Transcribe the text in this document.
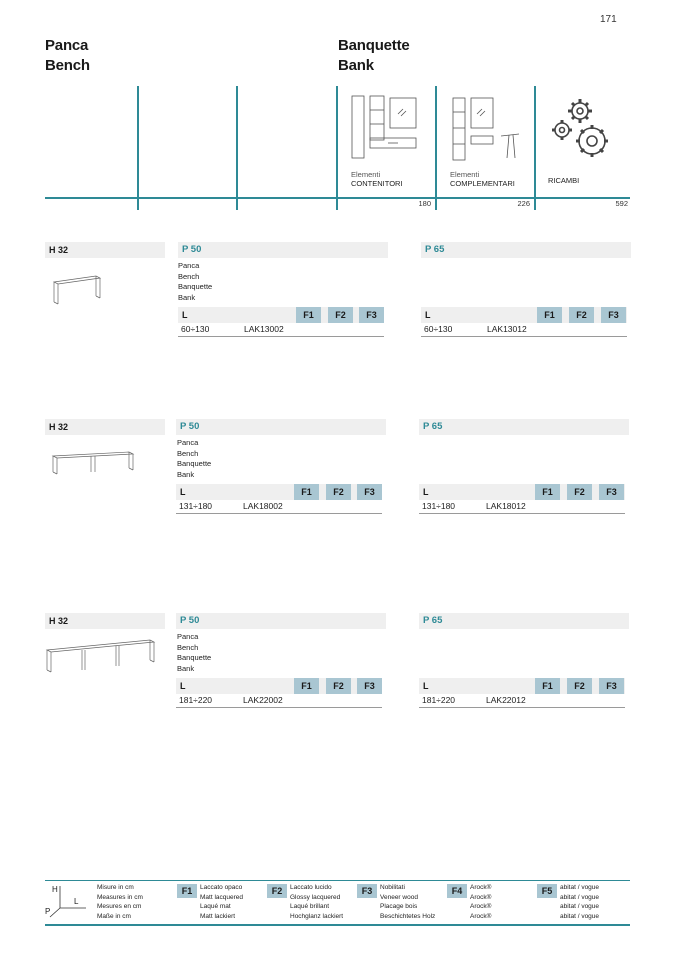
171
Panca
Bench
Banquette
Bank
Elementi
CONTENITORI
180
Elementi
COMPLEMENTARI
226
RICAMBI
592
H 32	P 50
Panca
Bench
Banquette
Bank
L	F1	F2	F3
60÷130	LAK13002
P 65
L	F1	F2	F3
60÷130	LAK13012
H 32	P 50
Panca
Bench
Banquette
Bank
L	F1	F2	F3
131÷180	LAK18002
P 65
L	F1	F2	F3
131÷180	LAK18012
H 32	P 50
Panca
Bench
Banquette
Bank
L	F1	F2	F3
181÷220	LAK22002
P 65
L	F1	F2	F3
181÷220	LAK22012
H
L
P
Misure in cm
Measures in cm
Mesures en cm
Maße in cm
F1	Laccato opaco
Matt lacquered
Laqué mat
Matt lackiert
F2	Laccato lucido
Glossy lacquered
Laqué brillant
Hochglanz lackiert
F3	Nobilitati
Veneer wood
Placage bois
Beschichtetes Holz
F4	Arock®
Arock®
Arock®
Arock®
F5	abitat / vogue
abitat / vogue
abitat / vogue
abitat / vogue
